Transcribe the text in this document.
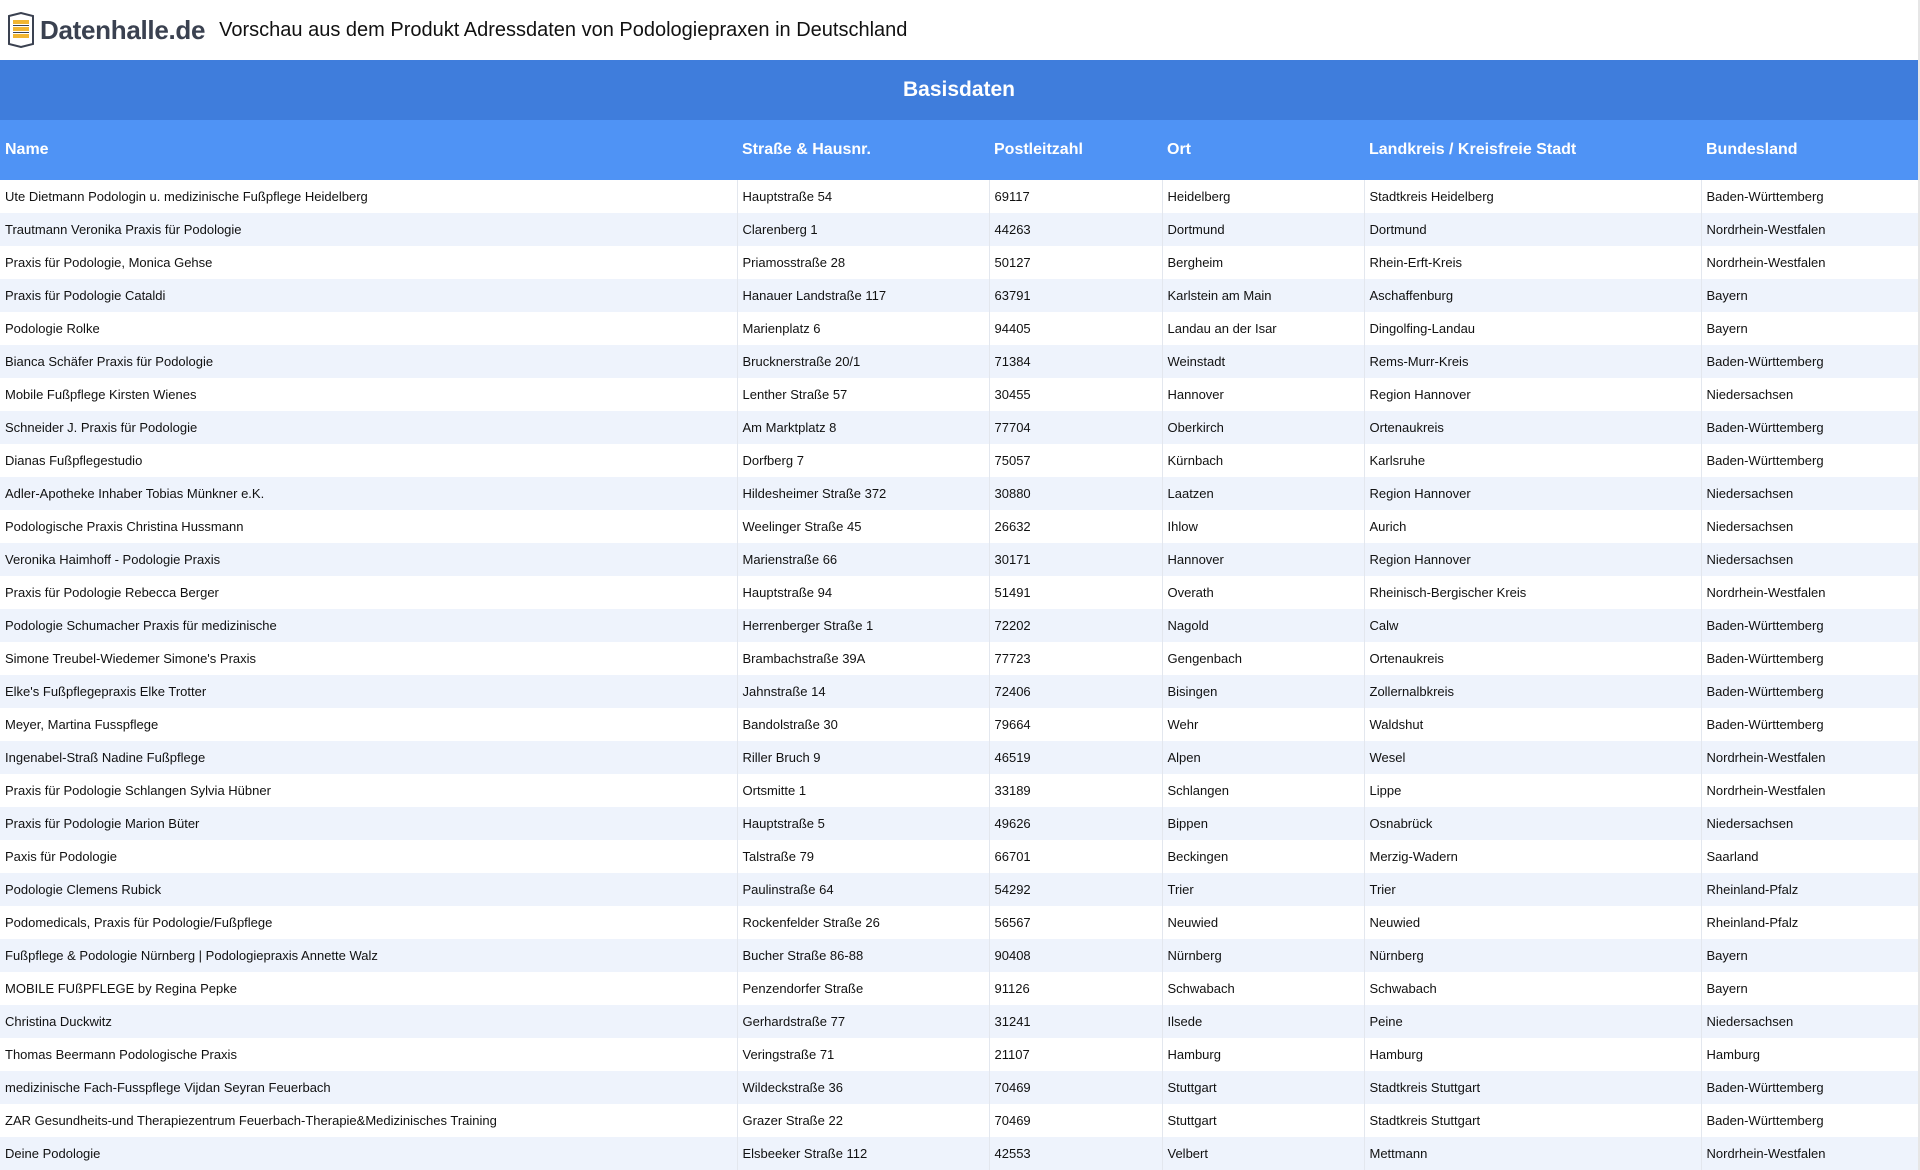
Datenhalle.de Vorschau aus dem Produkt Adressdaten von Podologiepraxen in Deutschland
Basisdaten
Name	Straße & Hausnr.	Postleitzahl	Ort	Landkreis / Kreisfreie Stadt	Bundesland
Ute Dietmann Podologin u. medizinische Fußpflege Heidelberg	Hauptstraße 54	69117	Heidelberg	Stadtkreis Heidelberg	Baden-Württemberg
Trautmann Veronika Praxis für Podologie	Clarenberg 1	44263	Dortmund	Dortmund	Nordrhein-Westfalen
Praxis für Podologie, Monica Gehse	Priamosstraße 28	50127	Bergheim	Rhein-Erft-Kreis	Nordrhein-Westfalen
Praxis für Podologie Cataldi	Hanauer Landstraße 117	63791	Karlstein am Main	Aschaffenburg	Bayern
Podologie Rolke	Marienplatz 6	94405	Landau an der Isar	Dingolfing-Landau	Bayern
Bianca Schäfer Praxis für Podologie	Brucknerstraße 20/1	71384	Weinstadt	Rems-Murr-Kreis	Baden-Württemberg
Mobile Fußpflege Kirsten Wienes	Lenther Straße 57	30455	Hannover	Region Hannover	Niedersachsen
Schneider J. Praxis für Podologie	Am Marktplatz 8	77704	Oberkirch	Ortenaukreis	Baden-Württemberg
Dianas Fußpflegestudio	Dorfberg 7	75057	Kürnbach	Karlsruhe	Baden-Württemberg
Adler-Apotheke Inhaber Tobias Münkner e.K.	Hildesheimer Straße 372	30880	Laatzen	Region Hannover	Niedersachsen
Podologische Praxis Christina Hussmann	Weelinger Straße 45	26632	Ihlow	Aurich	Niedersachsen
Veronika Haimhoff - Podologie Praxis	Marienstraße 66	30171	Hannover	Region Hannover	Niedersachsen
Praxis für Podologie Rebecca Berger	Hauptstraße 94	51491	Overath	Rheinisch-Bergischer Kreis	Nordrhein-Westfalen
Podologie Schumacher Praxis für medizinische	Herrenberger Straße 1	72202	Nagold	Calw	Baden-Württemberg
Simone Treubel-Wiedemer Simone's Praxis	Brambachstraße 39A	77723	Gengenbach	Ortenaukreis	Baden-Württemberg
Elke's Fußpflegepraxis Elke Trotter	Jahnstraße 14	72406	Bisingen	Zollernalbkreis	Baden-Württemberg
Meyer, Martina Fusspflege	Bandolstraße 30	79664	Wehr	Waldshut	Baden-Württemberg
Ingenabel-Straß Nadine Fußpflege	Riller Bruch 9	46519	Alpen	Wesel	Nordrhein-Westfalen
Praxis für Podologie Schlangen Sylvia Hübner	Ortsmitte 1	33189	Schlangen	Lippe	Nordrhein-Westfalen
Praxis für Podologie Marion Büter	Hauptstraße 5	49626	Bippen	Osnabrück	Niedersachsen
Paxis für Podologie	Talstraße 79	66701	Beckingen	Merzig-Wadern	Saarland
Podologie Clemens Rubick	Paulinstraße 64	54292	Trier	Trier	Rheinland-Pfalz
Podomedicals, Praxis für Podologie/Fußpflege	Rockenfelder Straße 26	56567	Neuwied	Neuwied	Rheinland-Pfalz
Fußpflege & Podologie Nürnberg | Podologiepraxis Annette Walz	Bucher Straße 86-88	90408	Nürnberg	Nürnberg	Bayern
MOBILE FUßPFLEGE by Regina Pepke	Penzendorfer Straße	91126	Schwabach	Schwabach	Bayern
Christina Duckwitz	Gerhardstraße 77	31241	Ilsede	Peine	Niedersachsen
Thomas Beermann Podologische Praxis	Veringstraße 71	21107	Hamburg	Hamburg	Hamburg
medizinische Fach-Fusspflege Vijdan Seyran Feuerbach	Wildeckstraße 36	70469	Stuttgart	Stadtkreis Stuttgart	Baden-Württemberg
ZAR Gesundheits-und Therapiezentrum Feuerbach-Therapie&Medizinisches Training	Grazer Straße 22	70469	Stuttgart	Stadtkreis Stuttgart	Baden-Württemberg
Deine Podologie	Elsbeeker Straße 112	42553	Velbert	Mettmann	Nordrhein-Westfalen
